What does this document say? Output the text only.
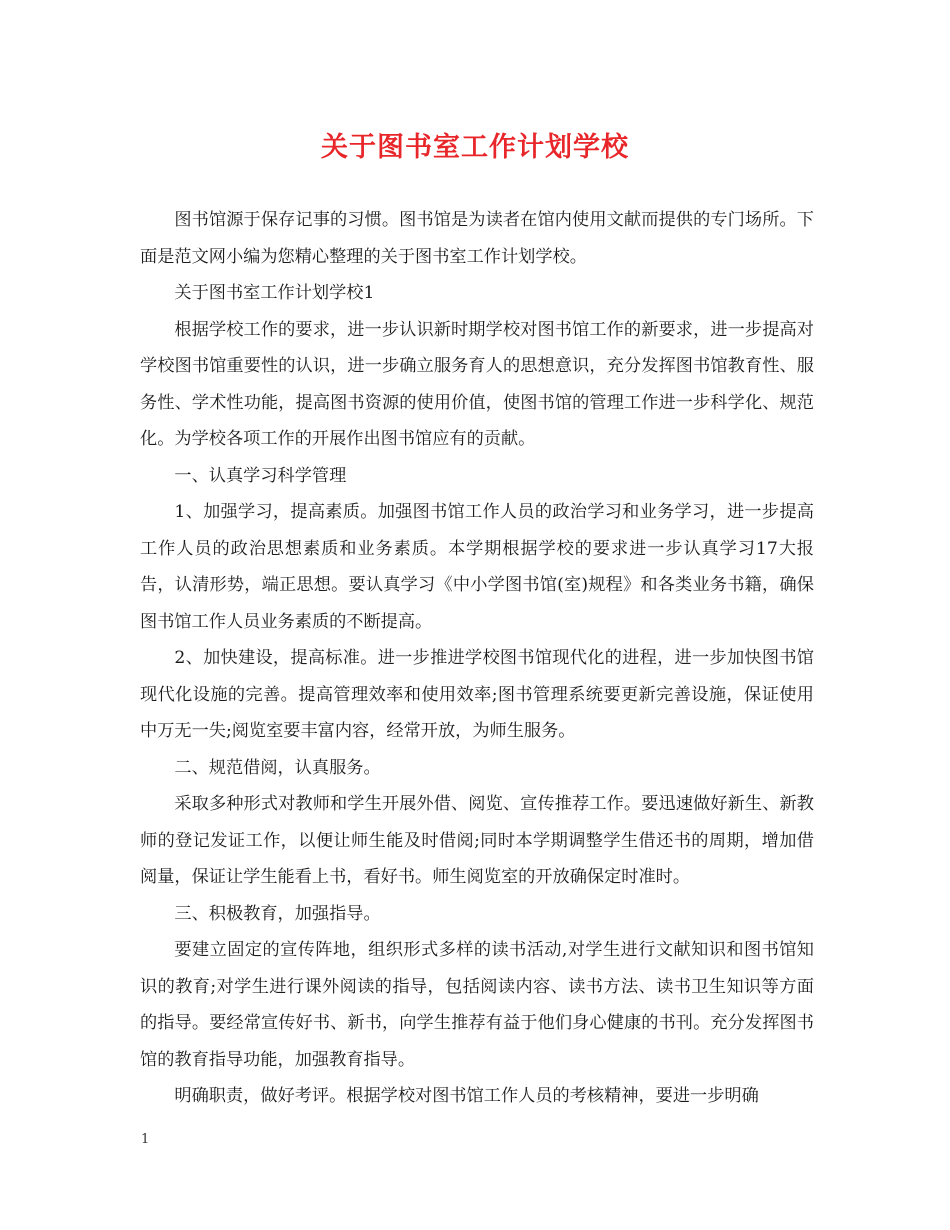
关于图书室工作计划学校

图书馆源于保存记事的习惯。图书馆是为读者在馆内使用文献而提供的专门场所。下面是范文网小编为您精心整理的关于图书室工作计划学校。

关于图书室工作计划学校1

根据学校工作的要求，进一步认识新时期学校对图书馆工作的新要求，进一步提高对学校图书馆重要性的认识，进一步确立服务育人的思想意识，充分发挥图书馆教育性、服务性、学术性功能，提高图书资源的使用价值，使图书馆的管理工作进一步科学化、规范化。为学校各项工作的开展作出图书馆应有的贡献。

一、认真学习科学管理

1、加强学习，提高素质。加强图书馆工作人员的政治学习和业务学习，进一步提高工作人员的政治思想素质和业务素质。本学期根据学校的要求进一步认真学习17大报告，认清形势，端正思想。要认真学习《中小学图书馆(室)规程》和各类业务书籍，确保图书馆工作人员业务素质的不断提高。

2、加快建设，提高标准。进一步推进学校图书馆现代化的进程，进一步加快图书馆现代化设施的完善。提高管理效率和使用效率;图书管理系统要更新完善设施，保证使用中万无一失;阅览室要丰富内容，经常开放，为师生服务。

二、规范借阅，认真服务。

采取多种形式对教师和学生开展外借、阅览、宣传推荐工作。要迅速做好新生、新教师的登记发证工作，以便让师生能及时借阅;同时本学期调整学生借还书的周期，增加借阅量，保证让学生能看上书，看好书。师生阅览室的开放确保定时准时。

三、积极教育，加强指导。

要建立固定的宣传阵地，组织形式多样的读书活动,对学生进行文献知识和图书馆知识的教育;对学生进行课外阅读的指导，包括阅读内容、读书方法、读书卫生知识等方面的指导。要经常宣传好书、新书，向学生推荐有益于他们身心健康的书刊。充分发挥图书馆的教育指导功能，加强教育指导。

明确职责，做好考评。根据学校对图书馆工作人员的考核精神，要进一步明确

1
